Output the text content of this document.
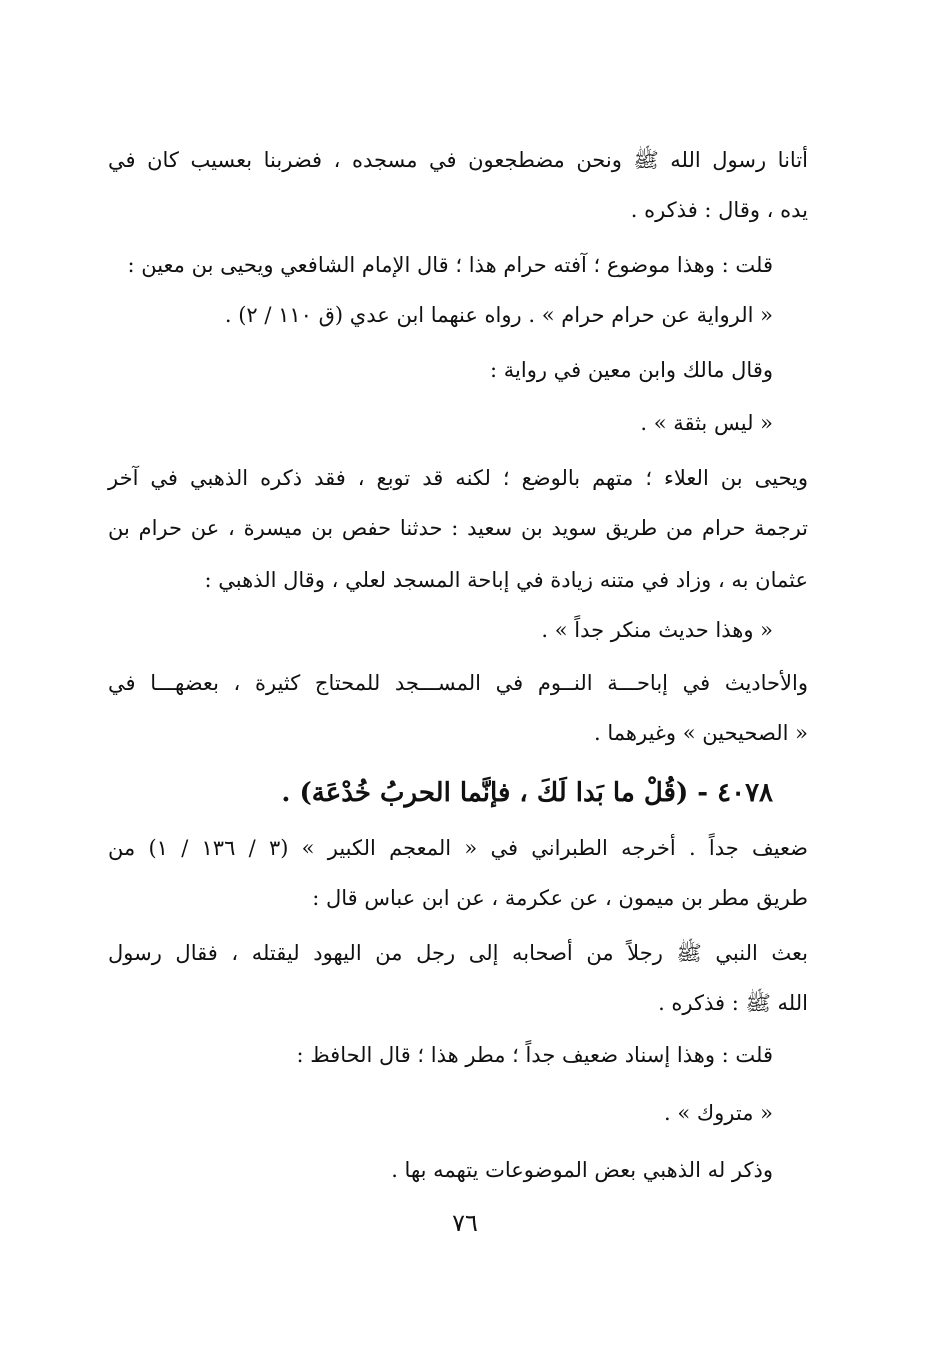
أتانا رسول الله ﷺ ونحن مضطجعون في مسجده ، فضربنا بعسيب كان في
يده ، وقال : فذكره .
قلت : وهذا موضوع ؛ آفته حرام هذا ؛ قال الإمام الشافعي ويحيى بن معين :
« الرواية عن حرام حرام » . رواه عنهما ابن عدي (ق ١١٠ / ٢) .
وقال مالك وابن معين في رواية :
« ليس بثقة » .
ويحيى بن العلاء ؛ متهم بالوضع ؛ لكنه قد توبع ، فقد ذكره الذهبي في آخر
ترجمة حرام من طريق سويد بن سعيد : حدثنا حفص بن ميسرة ، عن حرام بن
عثمان به ، وزاد في متنه زيادة في إباحة المسجد لعلي ، وقال الذهبي :
« وهذا حديث منكر جداً » .
والأحاديث في إباحـــة النــوم في المســـجد للمحتاج كثيرة ، بعضهـــا في
« الصحيحين » وغيرهما .
٤٠٧٨ - (قُلْ ما بَدا لَكَ ، فإنَّما الحربُ خُدْعَة) .
ضعيف جداً . أخرجه الطبراني في « المعجم الكبير » (٣ / ١٣٦ / ١) من
طريق مطر بن ميمون ، عن عكرمة ، عن ابن عباس قال :
بعث النبي ﷺ رجلاً من أصحابه إلى رجل من اليهود ليقتله ، فقال رسول
الله ﷺ : فذكره .
قلت : وهذا إسناد ضعيف جداً ؛ مطر هذا ؛ قال الحافظ :
« متروك » .
وذكر له الذهبي بعض الموضوعات يتهمه بها .
٧٦
